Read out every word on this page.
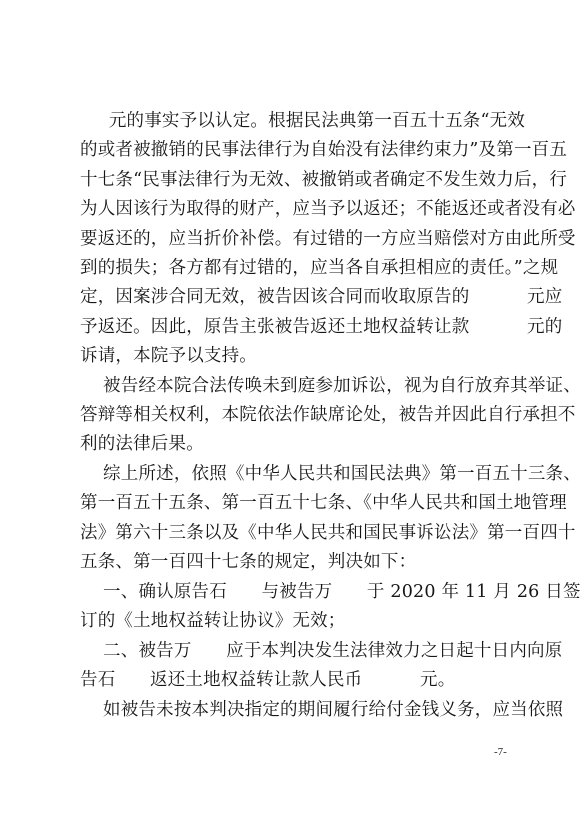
元的事实予以认定。根据民法典第一百五十五条“无效
的或者被撤销的民事法律行为自始没有法律约束力”及第一百五
十七条“民事法律行为无效、被撤销或者确定不发生效力后，行
为人因该行为取得的财产，应当予以返还；不能返还或者没有必
要返还的，应当折价补偿。有过错的一方应当赔偿对方由此所受
到的损失；各方都有过错的，应当各自承担相应的责任。”之规
定，因案涉合同无效，被告因该合同而收取原告的          元应
予返还。因此，原告主张被告返还土地权益转让款          元的
诉请，本院予以支持。
被告经本院合法传唤未到庭参加诉讼，视为自行放弃其举证、
答辩等相关权利，本院依法作缺席论处，被告并因此自行承担不
利的法律后果。
综上所述，依照《中华人民共和国民法典》第一百五十三条、
第一百五十五条、第一百五十七条、《中华人民共和国土地管理
法》第六十三条以及《中华人民共和国民事诉讼法》第一百四十
五条、第一百四十七条的规定，判决如下：
一、确认原告石      与被告万      于 2020 年 11 月 26 日签
订的《土地权益转让协议》无效；
二、被告万      应于本判决发生法律效力之日起十日内向原
告石      返还土地权益转让款人民币          元。
如被告未按本判决指定的期间履行给付金钱义务，应当依照
-7-
